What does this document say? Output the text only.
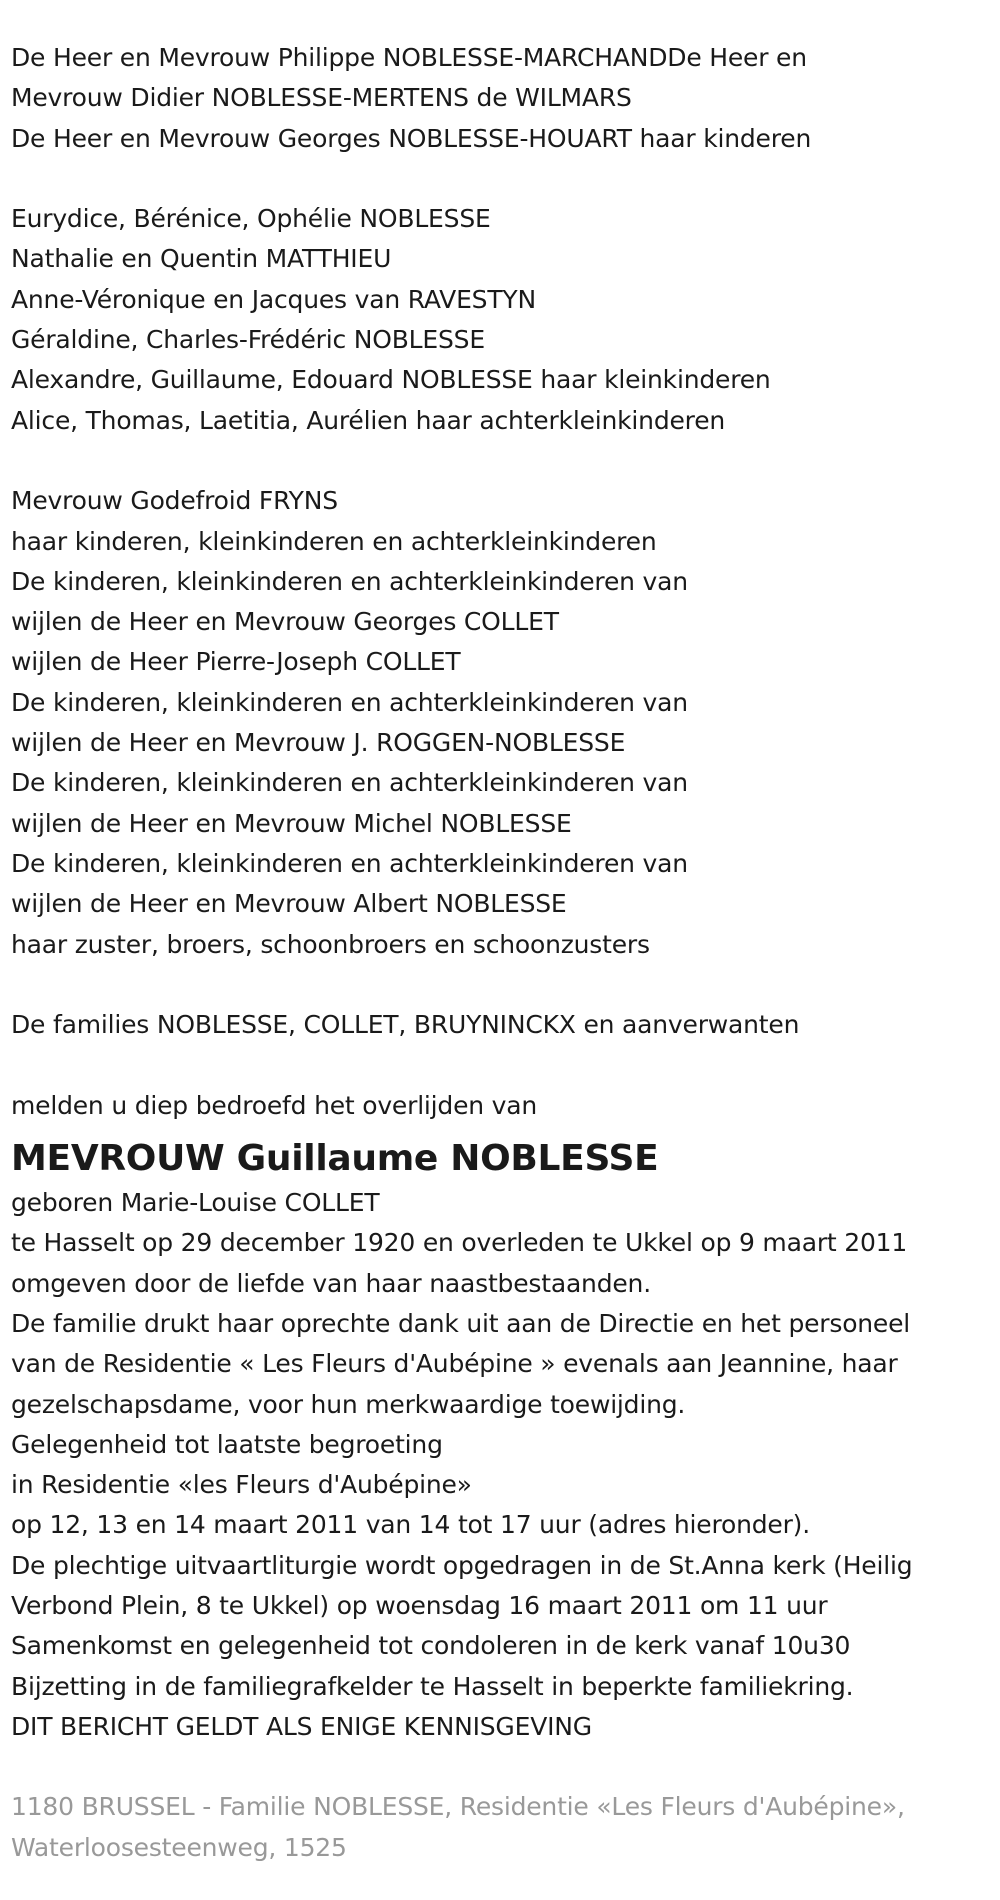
De Heer en Mevrouw Philippe NOBLESSE-MARCHANDDe Heer en
Mevrouw Didier NOBLESSE-MERTENS de WILMARS
De Heer en Mevrouw Georges NOBLESSE-HOUART haar kinderen
Eurydice, Bérénice, Ophélie NOBLESSE
Nathalie en Quentin MATTHIEU
Anne-Véronique en Jacques van RAVESTYN
Géraldine, Charles-Frédéric NOBLESSE
Alexandre, Guillaume, Edouard NOBLESSE haar kleinkinderen
Alice, Thomas, Laetitia, Aurélien haar achterkleinkinderen
Mevrouw Godefroid FRYNS
haar kinderen, kleinkinderen en achterkleinkinderen
De kinderen, kleinkinderen en achterkleinkinderen van
wijlen de Heer en Mevrouw Georges COLLET
wijlen de Heer Pierre-Joseph COLLET
De kinderen, kleinkinderen en achterkleinkinderen van
wijlen de Heer en Mevrouw J. ROGGEN-NOBLESSE
De kinderen, kleinkinderen en achterkleinkinderen van
wijlen de Heer en Mevrouw Michel NOBLESSE
De kinderen, kleinkinderen en achterkleinkinderen van
wijlen de Heer en Mevrouw Albert NOBLESSE
haar zuster, broers, schoonbroers en schoonzusters
De families NOBLESSE, COLLET, BRUYNINCKX en aanverwanten
melden u diep bedroefd het overlijden van
MEVROUW Guillaume NOBLESSE
geboren Marie-Louise COLLET
te Hasselt op 29 december 1920 en overleden te Ukkel op 9 maart 2011
omgeven door de liefde van haar naastbestaanden.
De familie drukt haar oprechte dank uit aan de Directie en het personeel
van de Residentie « Les Fleurs d'Aubépine » evenals aan Jeannine, haar
gezelschapsdame, voor hun merkwaardige toewijding.
Gelegenheid tot laatste begroeting
in Residentie «les Fleurs d'Aubépine»
op 12, 13 en 14 maart 2011 van 14 tot 17 uur (adres hieronder).
De plechtige uitvaartliturgie wordt opgedragen in de St.Anna kerk (Heilig
Verbond Plein, 8 te Ukkel) op woensdag 16 maart 2011 om 11 uur
Samenkomst en gelegenheid tot condoleren in de kerk vanaf 10u30
Bijzetting in de familiegrafkelder te Hasselt in beperkte familiekring.
DIT BERICHT GELDT ALS ENIGE KENNISGEVING
1180 BRUSSEL - Familie NOBLESSE, Residentie «Les Fleurs d'Aubépine»,
Waterloosesteenweg, 1525
